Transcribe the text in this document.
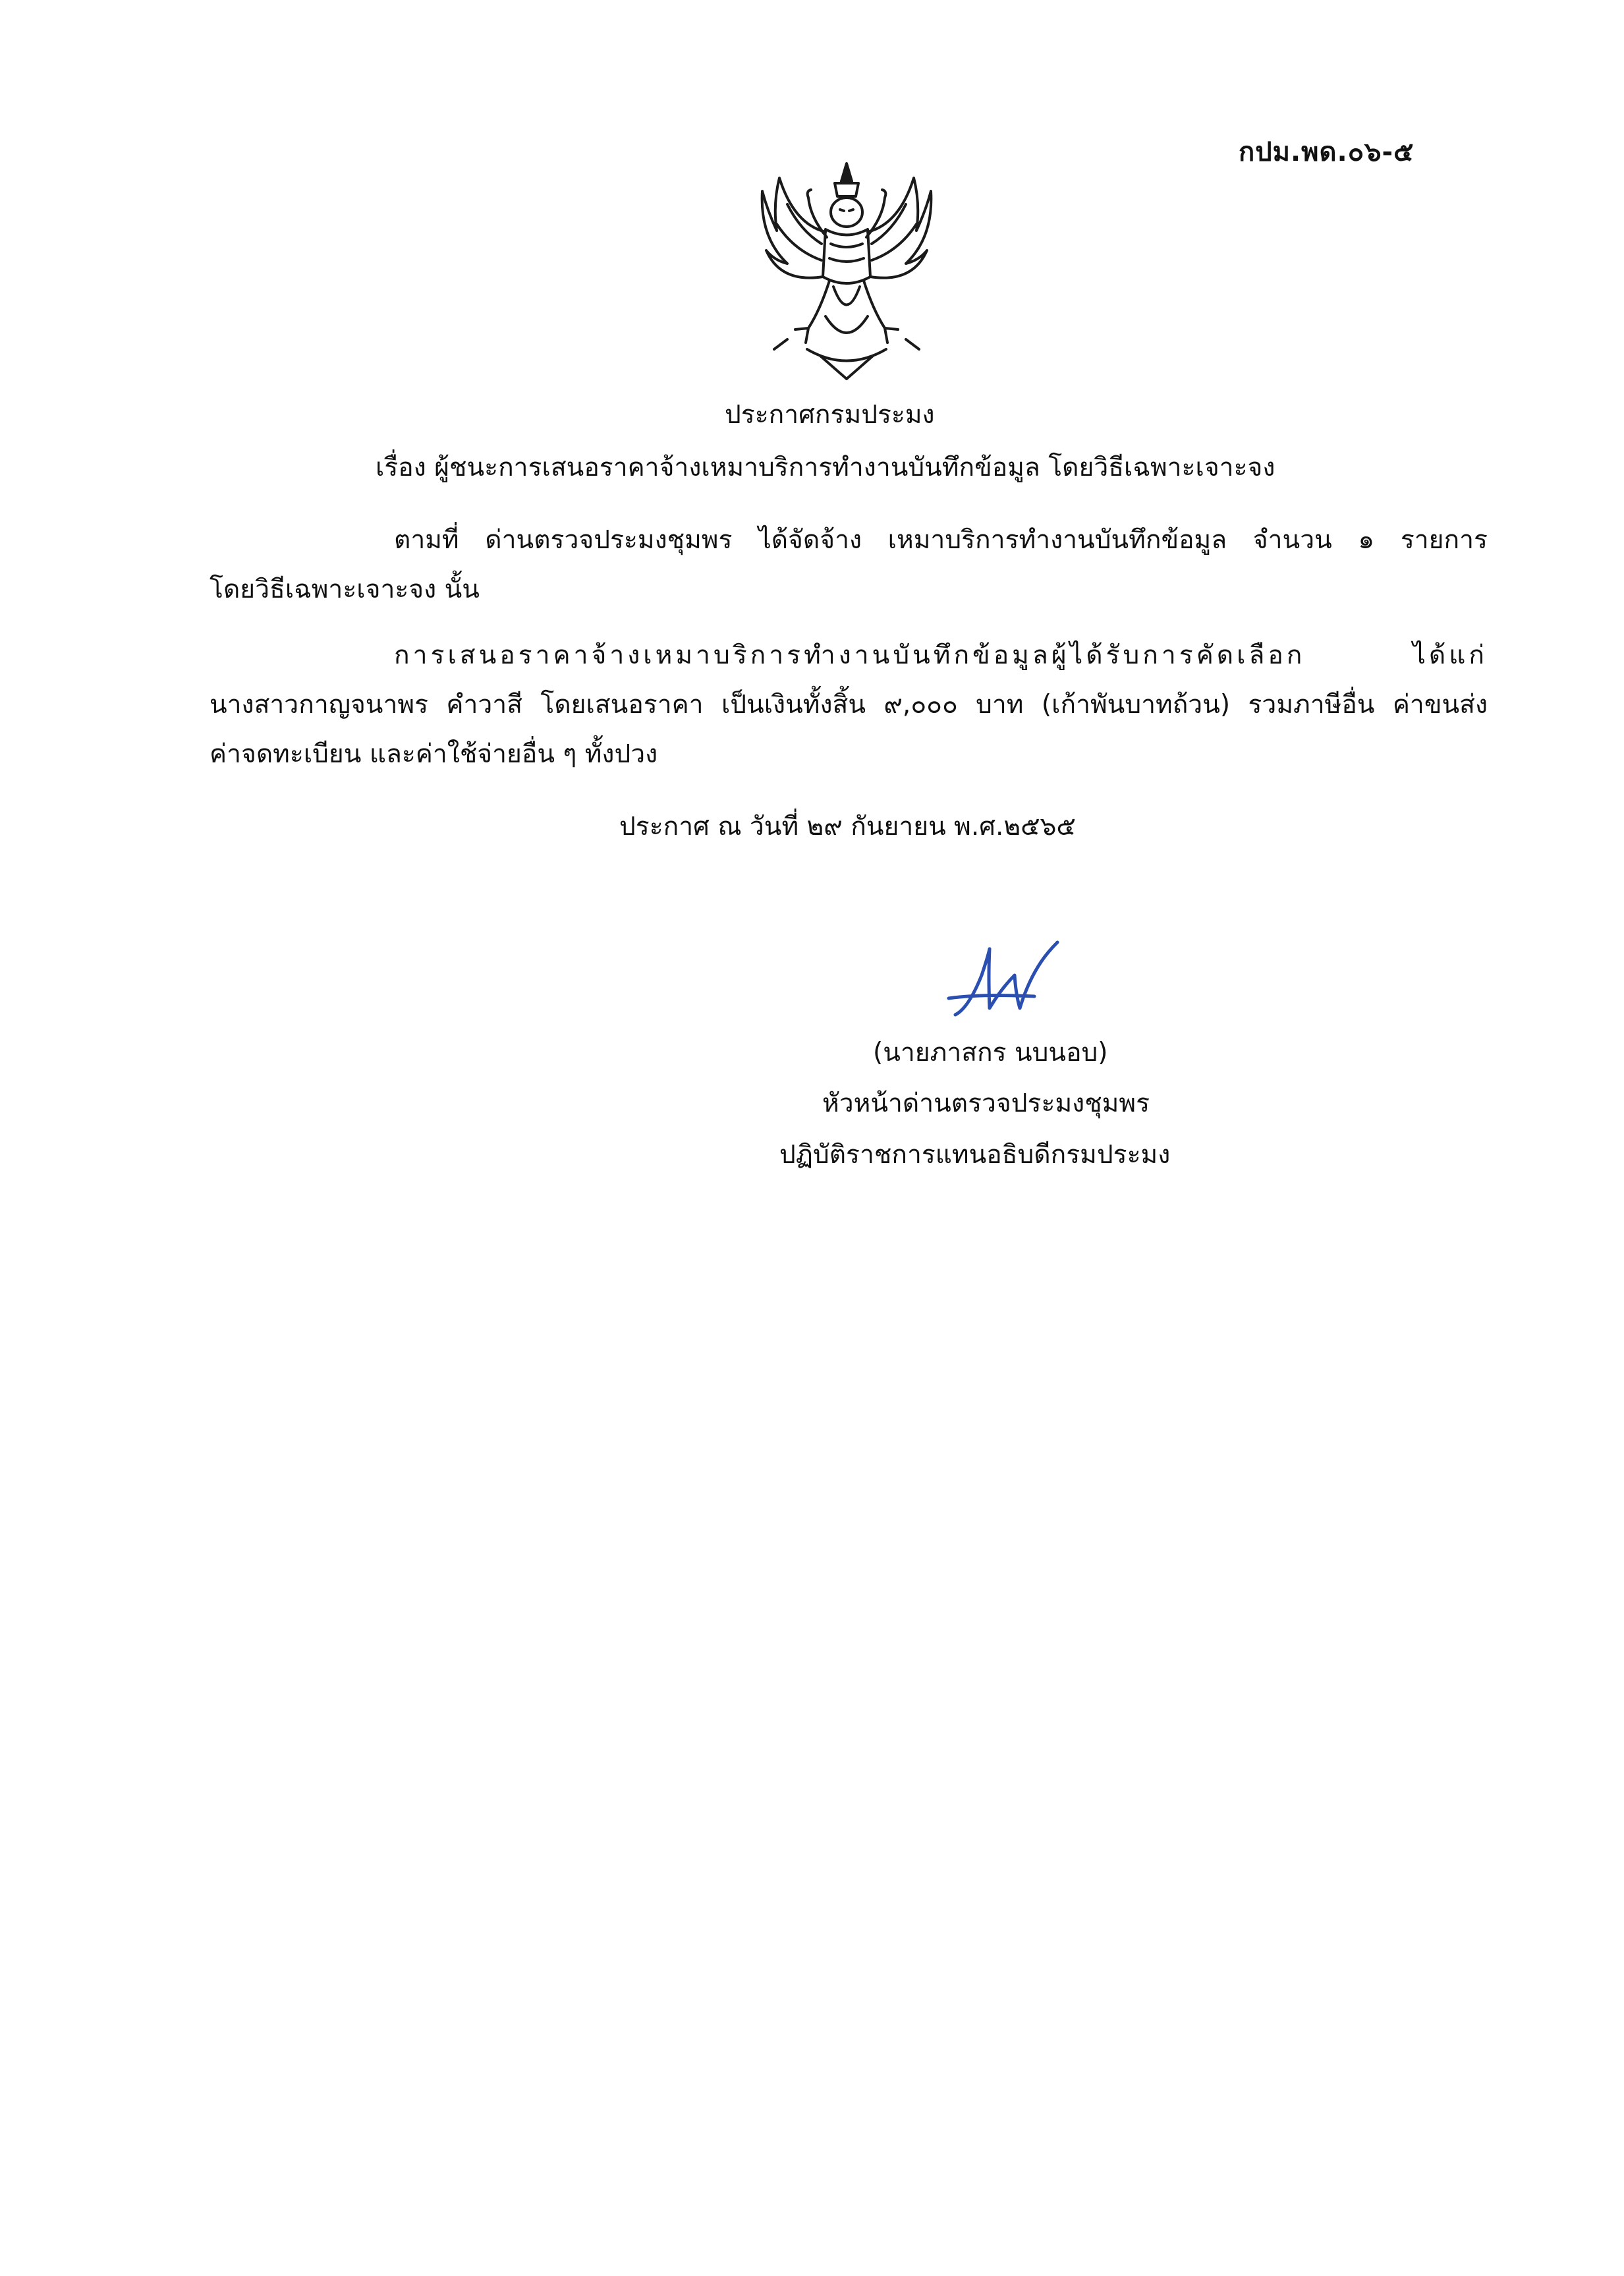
กปม.พด.๐๖-๕
ประกาศกรมประมง
เรื่อง ผู้ชนะการเสนอราคาจ้างเหมาบริการทำงานบันทึกข้อมูล โดยวิธีเฉพาะเจาะจง
ตามที่ ด่านตรวจประมงชุมพร ได้จัดจ้าง เหมาบริการทำงานบันทึกข้อมูล จำนวน ๑ รายการ
โดยวิธีเฉพาะเจาะจง นั้น
การเสนอราคาจ้างเหมาบริการทำงานบันทึกข้อมูลผู้ได้รับการคัดเลือก ได้แก่
นางสาวกาญจนาพร คำวาสี โดยเสนอราคา เป็นเงินทั้งสิ้น ๙,๐๐๐ บาท (เก้าพันบาทถ้วน) รวมภาษีอื่น ค่าขนส่ง
ค่าจดทะเบียน และค่าใช้จ่ายอื่น ๆ ทั้งปวง
ประกาศ ณ วันที่ ๒๙ กันยายน พ.ศ.๒๕๖๕
(นายภาสกร นบนอบ)
หัวหน้าด่านตรวจประมงชุมพร
ปฏิบัติราชการแทนอธิบดีกรมประมง
